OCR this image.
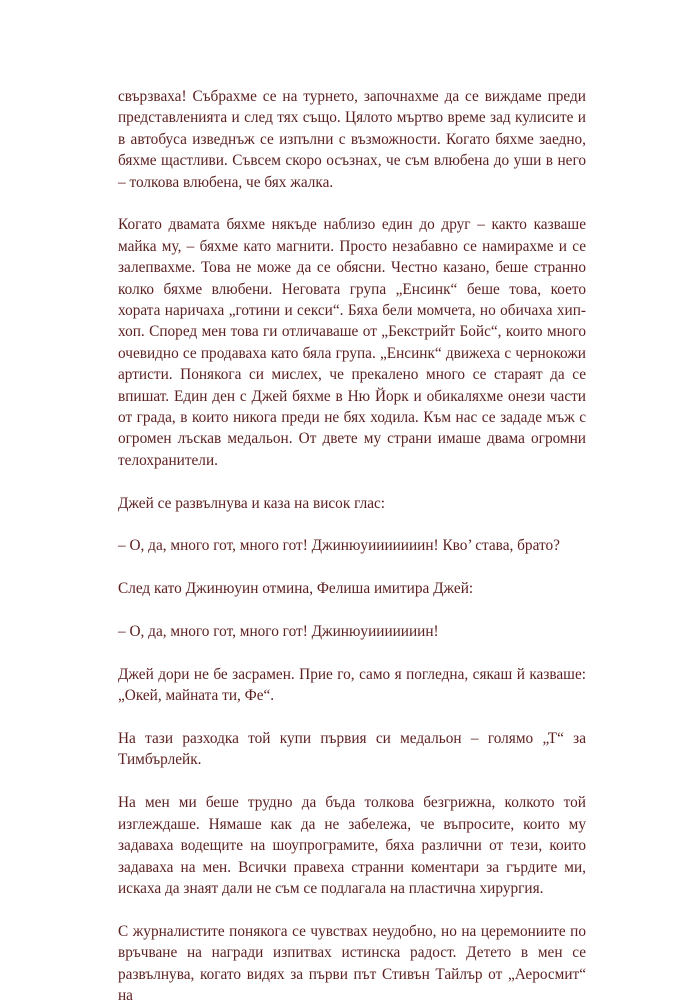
свързваха! Събрахме се на турнето, започнахме да се виждаме преди представленията и след тях също. Цялото мъртво време зад кулисите и в автобуса изведнъж се изпълни с възможности. Когато бяхме заедно, бяхме щастливи. Съвсем скоро осъзнах, че съм влюбена до уши в него – толкова влюбена, че бях жалка.

Когато двамата бяхме някъде наблизо един до друг – както казваше майка му, – бяхме като магнити. Просто незабавно се намирахме и се залепвахме. Това не може да се обясни. Честно казано, беше странно колко бяхме влюбени. Неговата група „Енсинк“ беше това, което хората наричаха „готини и секси“. Бяха бели момчета, но обичаха хип-хоп. Според мен това ги отличаваше от „Бекстрийт Бойс“, които много очевидно се продаваха като бяла група. „Енсинк“ движеха с чернокожи артисти. Понякога си мислех, че прекалено много се стараят да се впишат. Един ден с Джей бяхме в Ню Йорк и обикаляхме онези части от града, в които никога преди не бях ходила. Към нас се зададе мъж с огромен лъскав медальон. От двете му страни имаше двама огромни телохранители.

Джей се развълнува и каза на висок глас:

– О, да, много гот, много гот! Джинюуииииииин! Кво’ става, брато?

След като Джинюуин отмина, Фелиша имитира Джей:

– О, да, много гот, много гот! Джинюуииииииин!

Джей дори не бе засрамен. Прие го, само я погледна, сякаш й казваше: „Окей, майната ти, Фе“.

На тази разходка той купи първия си медальон – голямо „Т“ за Тимбърлейк.

На мен ми беше трудно да бъда толкова безгрижна, колкото той изглеждаше. Нямаше как да не забележа, че въпросите, които му задаваха водещите на шоупрограмите, бяха различни от тези, които задаваха на мен. Всички правеха странни коментари за гърдите ми, искаха да знаят дали не съм се подлагала на пластична хирургия.

С журналистите понякога се чувствах неудобно, но на церемониите по връчване на награди изпитвах истинска радост. Детето в мен се развълнува, когато видях за първи път Стивън Тайлър от „Аеросмит“ на
